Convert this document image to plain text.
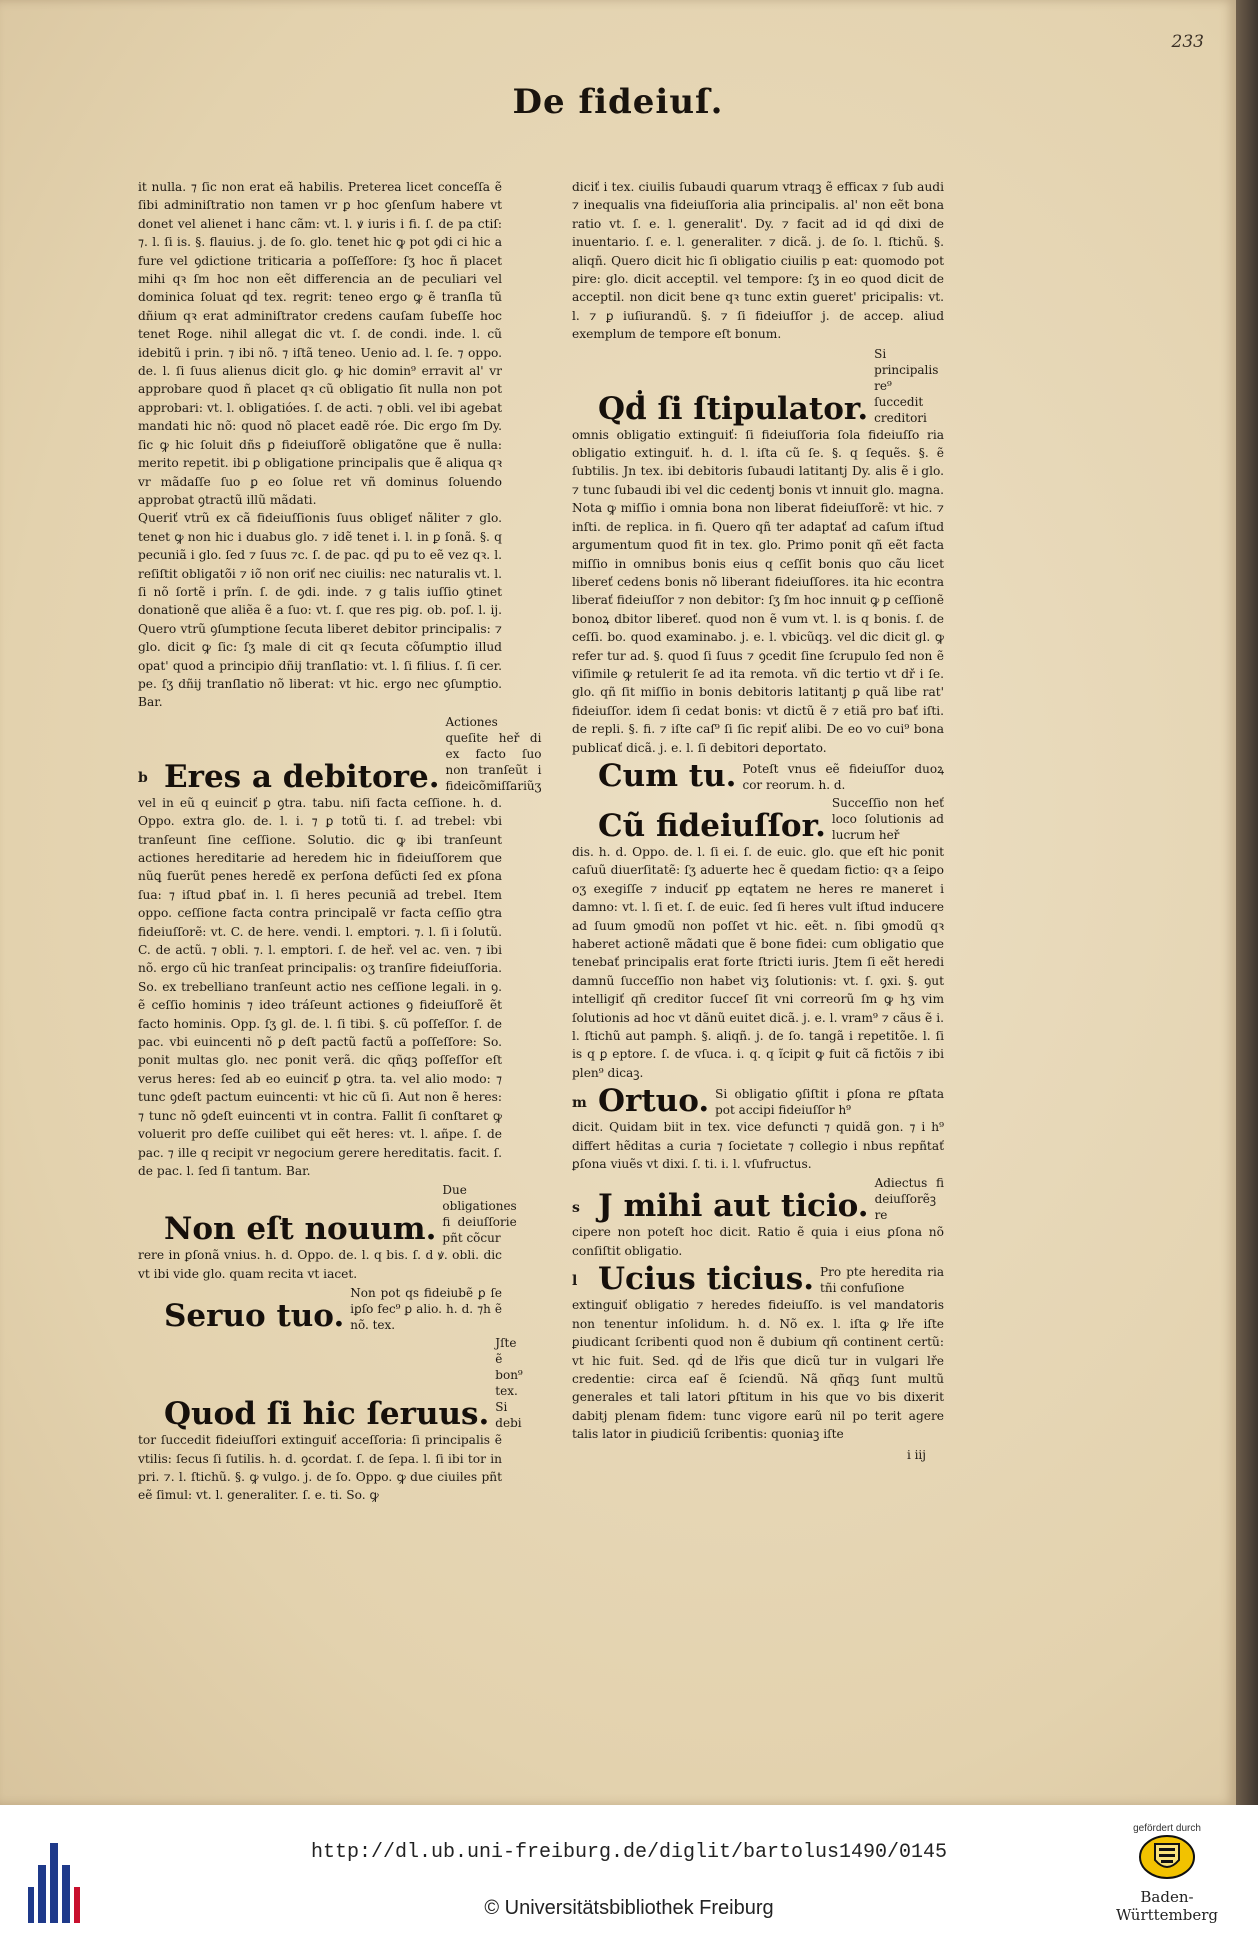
233
De fideiuſ.

it nulla. ⁊ ſic non erat eã habilis. Preterea licet conceſſa ẽ ſibi adminiſtratio non tamen vr ꝑ hoc ꝯſenſum habere vt donet vel alienet i hanc cãm: vt. l. ꝟ iuris i fi. ſ. de pa ctiſ: ⁊. l. ſi is. §. flauius. j. de ſo. glo. tenet hic ꝙ pot ꝯdi ci hic a fure vel ꝯdictione triticaria a poſſeſſore: ſʒ hoc ñ placet mihi qꝛ ſm hoc non eẽt differencia an de peculiari vel dominica ſoluat qḋ tex. regrit: teneo ergo ꝙ ẽ tranſla tũ dñium qꝛ erat adminiſtrator credens cauſam ſubeſſe hoc tenet Roge. nihil allegat dic vt. ſ. de condi. inde. l. cũ idebitũ i prin. ⁊ ibi nõ. ⁊ iſtã teneo. Uenio ad. l. ſe. ⁊ oppo. de. l. ſi ſuus alienus dicit glo. ꝙ hic domin⁹ erravit al' vr approbare quod ñ placet qꝛ cũ obligatio ſit nulla non pot approbari: vt. l. obligatióes. ſ. de acti. ⁊ obli. vel ibi agebat mandati hic nõ: quod nõ placet eadẽ róe. Dic ergo ſm Dy. ſic ꝙ hic ſoluit dñs ꝑ fideiuſſorẽ obligatõne que ẽ nulla: merito repetit. ibi ꝑ obligatione principalis que ẽ aliqua qꝛ vr mãdaſſe ſuo ꝑ eo ſolue ret vñ dominus ſoluendo approbat ꝯtractũ illũ mãdati.

Queriť vtrũ ex cã fideiuſſionis ſuus obligeť nãliter ⁊ glo. tenet ꝙ non hic i duabus glo. ⁊ idẽ tenet i. l. in ꝑ ſonã. §. q pecuniã i glo. ſed ⁊ ſuus ⁊c. ſ. de pac. qḋ pu to eẽ vez qꝛ. l. reſiſtit obligatõi ⁊ iõ non oriť nec ciuilis: nec naturalis vt. l. ſi nõ ſortẽ i prĩn. ſ. de ꝯdi. inde. ⁊ g talis iuſſio ꝯtinet donationẽ que aliẽa ẽ a ſuo: vt. ſ. que res pig. ob. poſ. l. ij. Quero vtrũ ꝯſumptione ſecuta liberet debitor principalis: ⁊ glo. dicit ꝙ ſic: ſʒ male di cit qꝛ ſecuta cõſumptio illud opat' quod a principio dñij tranſlatio: vt. l. ſi filius. ſ. ſi cer. pe. ſʒ dñij tranſlatio nõ liberat: vt hic. ergo nec ꝯſumptio. Bar.

b Eres a debitore.
Actiones queſite heř di ex facto ſuo non tranſeũt i fideicõmiſſariũʒ

vel in eũ q euinciť ꝑ ꝯtra. tabu. niſi facta ceſſione. h. d. Oppo. extra glo. de. l. i. ⁊ ꝑ totũ ti. ſ. ad trebel: vbi tranſeunt ſine ceſſione. Solutio. dic ꝙ ibi tranſeunt actiones hereditarie ad heredem hic in fideiuſſorem que nũꝗ fuerũt penes heredẽ ex perſona defũcti ſed ex ꝑſona ſua: ⁊ iſtud ꝑbať in. l. ſi heres pecuniã ad trebel. Item oppo. ceſſione facta contra principalẽ vr facta ceſſio ꝯtra fideiuſſorẽ: vt. C. de here. vendi. l. emptori. ⁊. l. ſi i ſolutũ. C. de actũ. ⁊ obli. ⁊. l. emptori. ſ. de heř. vel ac. ven. ⁊ ibi nõ. ergo cũ hic tranſeat principalis: oʒ tranſire fideiuſſoria. So. ex trebelliano tranſeunt actio nes ceſſione legali. in ꝯ. ẽ ceſſio hominis ⁊ ideo tráſeunt actiones ꝯ fideiuſſorẽ ẽt facto hominis. Opp. ſʒ gl. de. l. ſi tibi. §. cũ poſſeſſor. ſ. de pac. vbi euincenti nõ ꝑ deſt pactũ factũ a poſſeſſore: So. ponit multas glo. nec ponit verã. dic qñqꝫ poſſeſſor eſt verus heres: ſed ab eo euinciť ꝑ ꝯtra. ta. vel alio modo: ⁊ tunc ꝯdeſt pactum euincenti: vt hic cũ ſi. Aut non ẽ heres: ⁊ tunc nõ ꝯdeſt euincenti vt in contra. Fallit ſi conſtaret ꝙ voluerit pro deſſe cuilibet qui eẽt heres: vt. l. añpe. ſ. de pac. ⁊ ille q recipit vr negocium gerere hereditatis. facit. ſ. de pac. l. ſed ſi tantum. Bar.

Non eſt nouum.
Due obligationes fi deiuſſorie pñt cõcur

rere in ꝑſonã vnius. h. d. Oppo. de. l. q bis. ſ. d ꝟ. obli. dic vt ibi vide glo. quam recita vt iacet.

Seruo tuo.
Non pot qs fideiubẽ ꝑ ſe iꝑſo fec⁹ ꝑ alio. h. d. ⁊h ẽ nõ. tex.
Quod ſi hic ſeruus.
Jſte ẽ bon⁹ tex. Si debi

tor ſuccedit fideiuſſori extinguiť acceſſoria: ſi principalis ẽ vtilis: ſecus ſi ſutilis. h. d. ꝯcordat. ſ. de ſepa. l. ſi ibi tor in pri. ⁊. l. ſtichũ. §. ꝙ vulgo. j. de ſo. Oppo. ꝙ due ciuiles pñt eẽ ſimul: vt. l. generaliter. ſ. e. ti. So. ꝙ

diciť i tex. ciuilis ſubaudi quarum vtraqꝫ ẽ efficax ⁊ ſub audi ⁊ inequalis vna fideiuſſoria alia principalis. al' non eẽt bona ratio vt. ſ. e. l. generalit'. Dy. ⁊ facit ad id qḋ dixi de inuentario. ſ. e. l. generaliter. ⁊ dicã. j. de ſo. l. ſtichũ. §. aliqñ. Quero dicit hic ſi obligatio ciuilis p eat: quomodo pot pire: glo. dicit acceptil. vel tempore: ſʒ in eo quod dicit de acceptil. non dicit bene qꝛ tunc extin gueret' pricipalis: vt. l. ⁊ ꝑ iuſiurandũ. §. ⁊ ſi fideiuſſor j. de accep. aliud exemplum de tempore eſt bonum.

Qḋ ſi ſtipulator.
Si principalis re⁹ ſuccedit creditori

omnis obligatio extinguiť: ſi fideiuſſoria ſola fideiuſſo ria obligatio extinguiť. h. d. l. iſta cũ ſe. §. q ſequẽs. §. ẽ ſubtilis. Jn tex. ibi debitoris ſubaudi latitantj Dy. alis ẽ i glo. ⁊ tunc ſubaudi ibi vel dic cedentj bonis vt innuit glo. magna. Nota ꝙ miſſio i omnia bona non liberat fideiuſſorẽ: vt hic. ⁊ inſti. de replica. in fi. Quero qñ ter adaptať ad caſum iſtud argumentum quod fit in tex. glo. Primo ponit qñ eẽt facta miſſio in omnibus bonis eius q ceſſit bonis quo cãu licet libereť cedens bonis nõ liberant fideiuſſores. ita hic econtra liberať fideiuſſor ⁊ non debitor: ſʒ ſm hoc innuit ꝙ ꝑ ceſſionẽ bonoꝝ dbitor libereť. quod non ẽ vum vt. l. is q bonis. ſ. de ceſſi. bo. quod examinabo. j. e. l. vbicũqꝫ. vel dic dicit gl. ꝙ refer tur ad. §. quod ſi ſuus ⁊ ꝯcedit ſine ſcrupulo ſed non ẽ viſimile ꝙ retulerit ſe ad ita remota. vñ dic tertio vt dř i ſe. glo. qñ ſit miſſio in bonis debitoris latitantj ꝑ quã libe rat' fideiuſſor. idem ſi cedat bonis: vt dictũ ẽ ⁊ etiã pro bať iſti. de repli. §. fi. ⁊ iſte caſ⁹ ſi ſic repiť alibi. De eo vo cui⁹ bona publicať dicã. j. e. l. ſi debitori deportato.

Cum tu. Poteſt vnus eẽ fideiuſſor duoꝝ cor reorum. h. d.
Cũ fideiuſſor.
Succeſſio non heť loco ſolutionis ad lucrum heř

dis. h. d. Oppo. de. l. ſi ei. ſ. de euic. glo. que eſt hic ponit caſuũ diuerſitatẽ: ſʒ aduerte hec ẽ quedam fictio: qꝛ a ſeiꝑo oʒ exegiſſe ⁊ induciť ꝑp eqtatem ne heres re maneret i damno: vt. l. ſi et. ſ. de euic. ſed ſi heres vult iſtud inducere ad ſuum ꝯmodũ non poſſet vt hic. eẽt. n. ſibi ꝯmodũ qꝛ haberet actionẽ mãdati que ẽ bone fidei: cum obligatio que tenebať principalis erat forte ſtricti iuris. Jtem ſi eẽt heredi damnũ ſucceſſio non habet viʒ ſolutionis: vt. ſ. ꝯxi. §. ꝯut intelligiť qñ creditor ſucceſ ſit vni correorũ ſm ꝙ hʒ vim ſolutionis ad hoc vt dãnũ euitet dicã. j. e. l. vram⁹ ⁊ cãus ẽ i. l. ſtichũ aut pamph. §. aliqñ. j. de ſo. tangã i repetitõe. l. ſi is q ꝑ eptore. ſ. de vſuca. i. q. q ĩcipit ꝙ fuit cã fictõis ⁊ ibi plen⁹ dicaꝫ.

m Ortuo. Si obligatio ꝯſiſtit i ꝑſona re ꝑſtata pot accipi fideiuſſor h⁹

dicit. Quidam biit in tex. vice defuncti ⁊ quidã gon. ⁊ i h⁹ differt hẽditas a curia ⁊ ſocietate ⁊ collegio i nbus repñtať ꝑſona viuẽs vt dixi. ſ. ti. i. l. vſufructus.

s J mihi aut ticio.
Adiectus fi deiuſſorẽꝫ re

cipere non poteſt hoc dicit. Ratio ẽ quia i eius ꝑſona nõ conſiſtit obligatio.

l Ucius ticius. Pro pte heredita ria tñi confuſione

extinguiť obligatio ⁊ heredes fideiuſſo. is vel mandatoris non tenentur inſolidum. h. d. Nõ ex. l. iſta ꝙ lře iſte ꝑiudicant ſcribenti quod non ẽ dubium qñ continent certũ: vt hic fuit. Sed. qḋ de lřis que dicũ tur in vulgari lře credentie: circa eaſ ẽ ſciendũ. Nã qñqꝫ ſunt multũ generales et tali latori ꝑſtitum in his que vo bis dixerit dabitj plenam fidem: tunc vigore earũ nil po terit agere talis lator in ꝑiudiciũ ſcribentis: quoniaꝫ iſte

i iij
http://dl.ub.uni-freiburg.de/diglit/bartolus1490/0145
© Universitätsbibliothek Freiburg
gefördert durch
Baden-Württemberg
